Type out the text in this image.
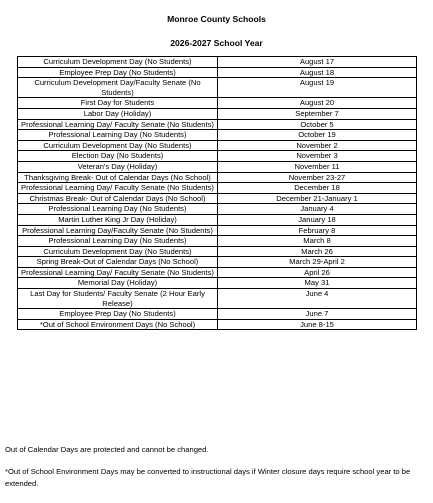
Monroe County Schools
2026-2027 School Year
Curriculum Development Day (No Students)	August 17
Employee Prep Day (No Students)	August 18
Curriculum Development Day/Faculty Senate (No Students)	August 19
First Day for Students	August 20
Labor Day (Holiday)	September 7
Professional Learning Day/ Faculty Senate (No Students)	October 5
Professional Learning Day (No Students)	October 19
Curriculum Development Day (No Students)	November 2
Election Day (No Students)	November 3
Veteran's Day (Holiday)	November 11
Thanksgiving Break- Out of Calendar Days (No School)	November 23-27
Professional Learning Day/ Faculty Senate (No Students)	December 18
Christmas Break- Out of Calendar Days (No School)	December 21-January 1
Professional Learning Day (No Students)	January 4
Martin Luther King Jr Day (Holiday)	January 18
Professional Learning Day/Faculty Senate (No Students)	February 8
Professional Learning Day (No Students)	March 8
Curriculum Development Day (No Students)	March 26
Spring Break-Out of Calendar Days (No School)	March 29-April 2
Professional Learning Day/ Faculty Senate (No Students)	April 26
Memorial Day (Holiday)	May 31
Last Day for Students/ Faculty Senate (2 Hour Early Release)	June 4
Employee Prep Day (No Students)	June 7
*Out of School Environment Days (No School)	June 8-15

Out of Calendar Days are protected and cannot be changed.

*Out of School Environment Days may be converted to instructional days if Winter closure days require school year to be extended.
